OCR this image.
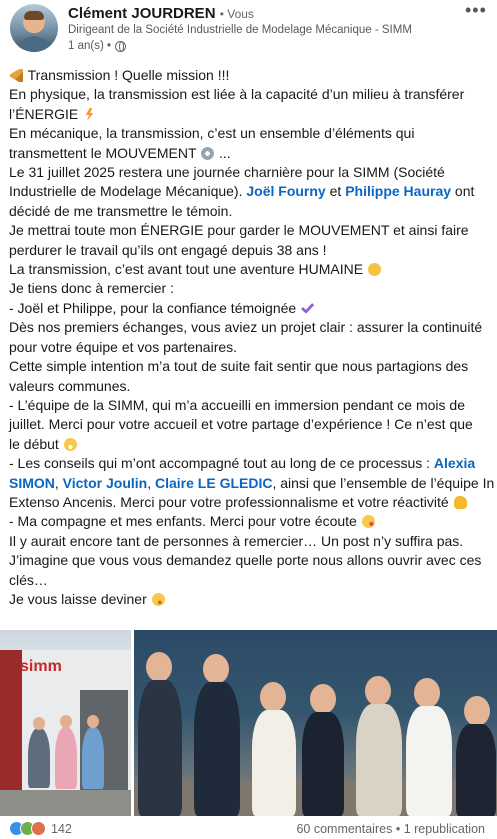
Clément JOURDREN • Vous
Dirigeant de la Société Industrielle de Modelage Mécanique - SIMM
1 an(s) •
•••

Transmission ! Quelle mission !!!

En physique, la transmission est liée à la capacité d’un milieu à transférer

l’ÉNERGIE

En mécanique, la transmission, c’est un ensemble d’éléments qui

transmettent le MOUVEMENT ...

Le 31 juillet 2025 restera une journée charnière pour la SIMM (Société

Industrielle de Modelage Mécanique). Joël Fourny et Philippe Hauray ont

décidé de me transmettre le témoin.

Je mettrai toute mon ÉNERGIE pour garder le MOUVEMENT et ainsi faire

perdurer le travail qu’ils ont engagé depuis 38 ans !

La transmission, c’est avant tout une aventure HUMAINE

Je tiens donc à remercier :

- Joël et Philippe, pour la confiance témoignée

Dès nos premiers échanges, vous aviez un projet clair : assurer la continuité

pour votre équipe et vos partenaires.

Cette simple intention m’a tout de suite fait sentir que nous partagions des

valeurs communes.

- L’équipe de la SIMM, qui m’a accueilli en immersion pendant ce mois de

juillet. Merci pour votre accueil et votre partage d’expérience ! Ce n’est que

le début

- Les conseils qui m’ont accompagné tout au long de ce processus : Alexia

SIMON, Victor Joulin, Claire LE GLEDIC, ainsi que l’ensemble de l’équipe In

Extenso Ancenis. Merci pour votre professionnalisme et votre réactivité

- Ma compagne et mes enfants. Merci pour votre écoute

Il y aurait encore tant de personnes à remercier… Un post n’y suffira pas.

J’imagine que vous vous demandez quelle porte nous allons ouvrir avec ces

clés…

Je vous laisse deviner

simm
142	60 commentaires • 1 republication
